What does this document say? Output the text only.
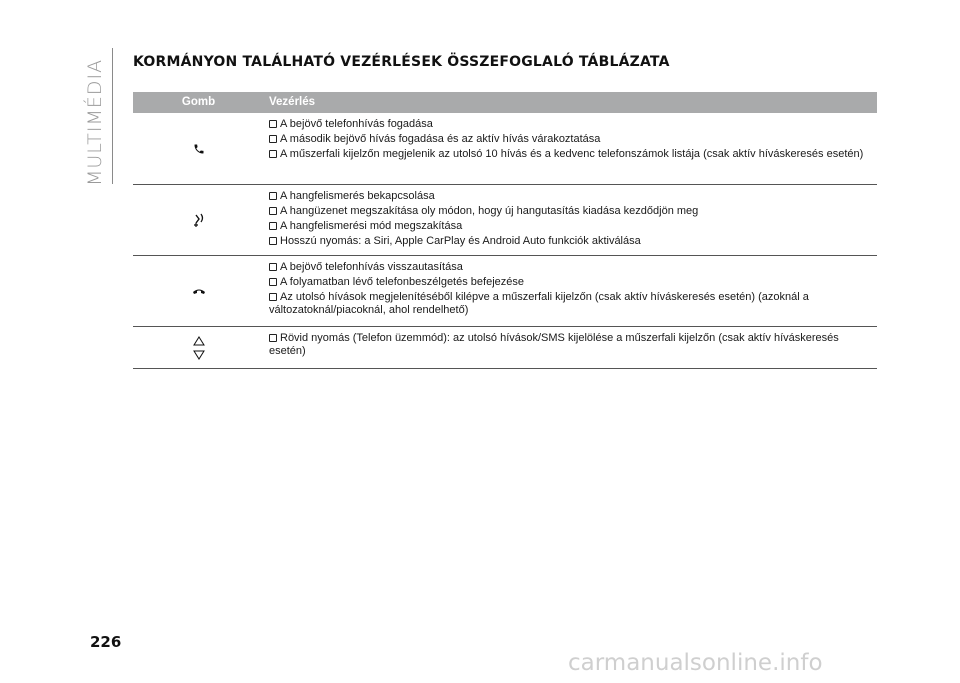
MULTIMÉDIA KORMÁNYON TALÁLHATÓ VEZÉRLÉSEK ÖSSZEFOGLALÓ TÁBLÁZATA
Gomb	Vezérlés
A bejövő telefonhívás fogadása
A második bejövő hívás fogadása és az aktív hívás várakoztatása
A műszerfali kijelzőn megjelenik az utolsó 10 hívás és a kedvenc telefonszámok listája (csak aktív híváskeresés esetén)
A hangfelismerés bekapcsolása
A hangüzenet megszakítása oly módon, hogy új hangutasítás kiadása kezdődjön meg
A hangfelismerési mód megszakítása
Hosszú nyomás: a Siri, Apple CarPlay és Android Auto funkciók aktiválása
A bejövő telefonhívás visszautasítása
A folyamatban lévő telefonbeszélgetés befejezése
Az utolsó hívások megjelenítéséből kilépve a műszerfali kijelzőn (csak aktív híváskeresés esetén) (azoknál a változatoknál/piacoknál, ahol rendelhető)
Rövid nyomás (Telefon üzemmód): az utolsó hívások/SMS kijelölése a műszerfali kijelzőn (csak aktív híváskeresés esetén)
226
carmanualsonline.info
